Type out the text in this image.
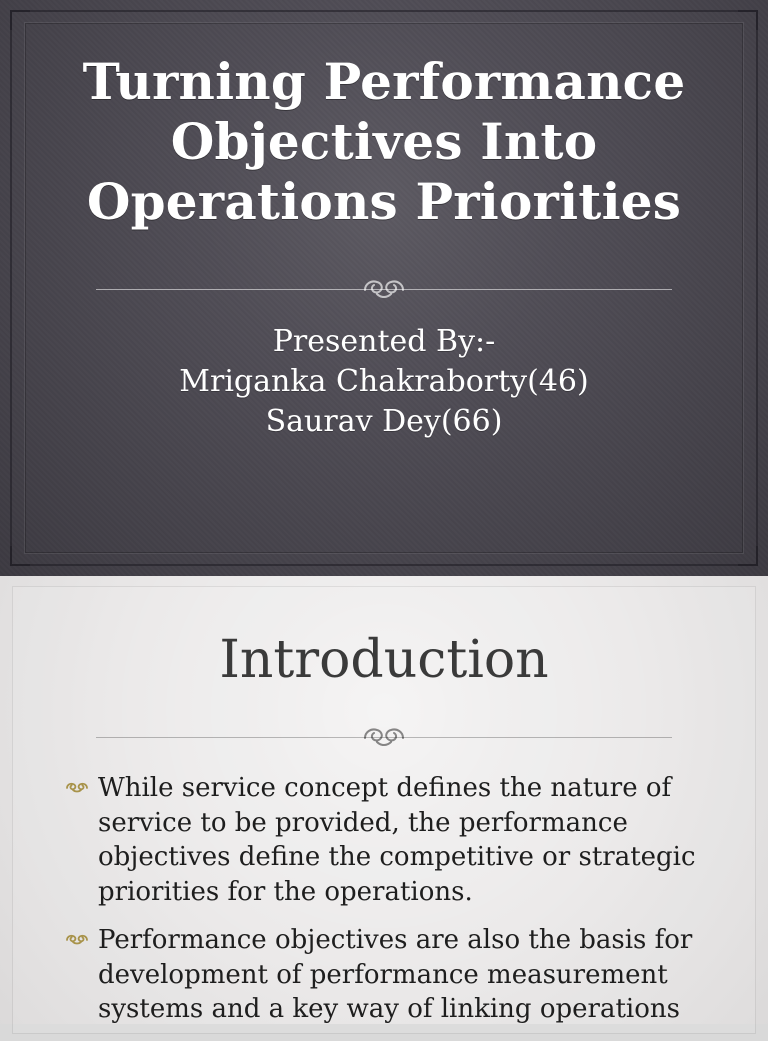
Turning Performance
Objectives Into
Operations Priorities
Presented By:-
Mriganka Chakraborty(46)
Saurav Dey(66)
Introduction
While service concept defines the nature of service to be provided, the performance objectives define the competitive or strategic priorities for the operations.
Performance objectives are also the basis for development of performance measurement systems and a key way of linking operations
